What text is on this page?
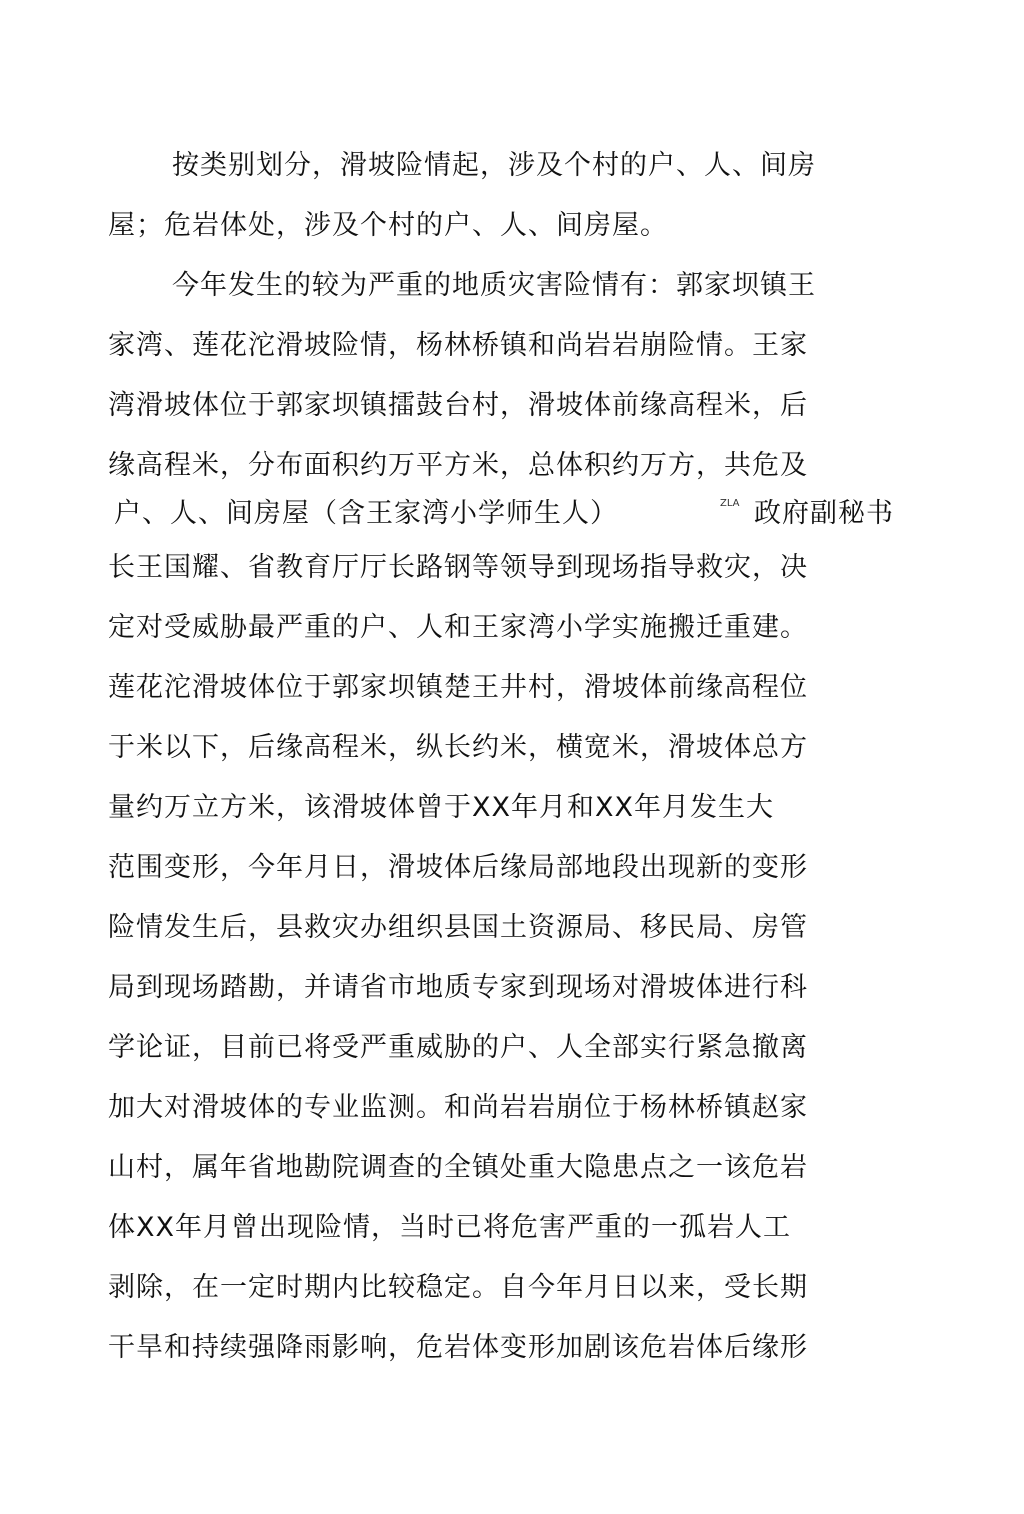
按类别划分，滑坡险情起，涉及个村的户、人、间房
屋；危岩体处，涉及个村的户、人、间房屋。
今年发生的较为严重的地质灾害险情有：郭家坝镇王
家湾、莲花沱滑坡险情，杨林桥镇和尚岩岩崩险情。王家
湾滑坡体位于郭家坝镇擂鼓台村，滑坡体前缘高程米，后
缘高程米，分布面积约万平方米，总体积约万方，共危及
户、人、间房屋（含王家湾小学师生人）	ZLA 政府副秘书
长王国耀、省教育厅厅长路钢等领导到现场指导救灾，决
定对受威胁最严重的户、人和王家湾小学实施搬迁重建。
莲花沱滑坡体位于郭家坝镇楚王井村，滑坡体前缘高程位
于米以下，后缘高程米，纵长约米，横宽米，滑坡体总方
量约万立方米，该滑坡体曾于XX年月和XX年月发生大
范围变形，今年月日，滑坡体后缘局部地段出现新的变形
险情发生后，县救灾办组织县国土资源局、移民局、房管
局到现场踏勘，并请省市地质专家到现场对滑坡体进行科
学论证，目前已将受严重威胁的户、人全部实行紧急撤离
加大对滑坡体的专业监测。和尚岩岩崩位于杨林桥镇赵家
山村，属年省地勘院调查的全镇处重大隐患点之一该危岩
体XX年月曾出现险情，当时已将危害严重的一孤岩人工
剥除，在一定时期内比较稳定。自今年月日以来，受长期
干旱和持续强降雨影响，危岩体变形加剧该危岩体后缘形
